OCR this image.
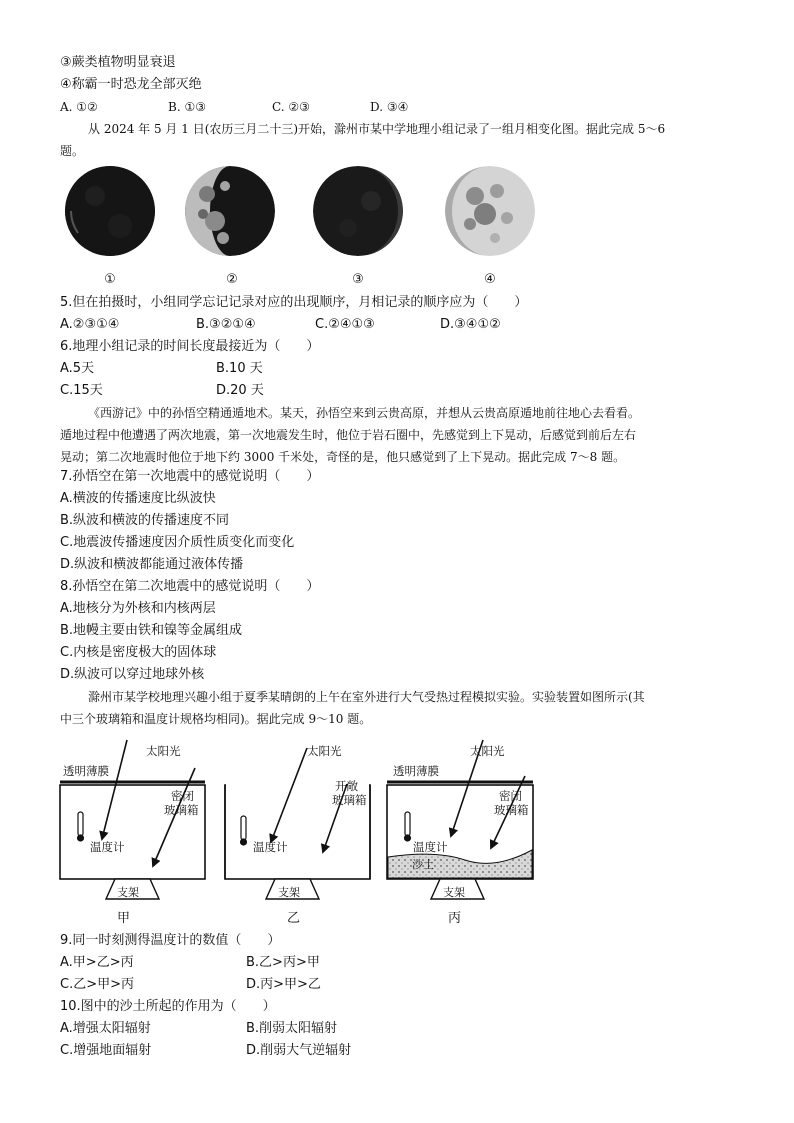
③蕨类植物明显衰退
④称霸一时恐龙全部灭绝
A. ①②	B. ①③	C. ②③	D. ③④
从 2024 年 5 月 1 日(农历三月二十三)开始，滁州市某中学地理小组记录了一组月相变化图。据此完成 5～6
题。
①	②	③	④
5.但在拍摄时，小组同学忘记记录对应的出现顺序，月相记录的顺序应为（　　）
A.②③①④	B.③②①④	C.②④①③	D.③④①②
6.地理小组记录的时间长度最接近为（　　）
A.5天	B.10 天
C.15天	D.20 天
《西游记》中的孙悟空精通遁地术。某天，孙悟空来到云贵高原，并想从云贵高原遁地前往地心去看看。
遁地过程中他遭遇了两次地震，第一次地震发生时，他位于岩石圈中，先感觉到上下晃动，后感觉到前后左右
晃动；第二次地震时他位于地下约 3000 千米处，奇怪的是，他只感觉到了上下晃动。据此完成 7～8 题。
7.孙悟空在第一次地震中的感觉说明（　　）
A.横波的传播速度比纵波快
B.纵波和横波的传播速度不同
C.地震波传播速度因介质性质变化而变化
D.纵波和横波都能通过液体传播
8.孙悟空在第二次地震中的感觉说明（　　）
A.地核分为外核和内核两层
B.地幔主要由铁和镍等金属组成
C.内核是密度极大的固体球
D.纵波可以穿过地球外核
滁州市某学校地理兴趣小组于夏季某晴朗的上午在室外进行大气受热过程模拟实验。实验装置如图所示(其
中三个玻璃箱和温度计规格均相同)。据此完成 9～10 题。
透明薄膜
太阳光
密闭
玻璃箱
温度计
支架
甲
太阳光
开敞
玻璃箱
温度计
支架
乙
透明薄膜
太阳光
密闭
玻璃箱
温度计
沙土
支架
丙
9.同一时刻测得温度计的数值（　　）
A.甲>乙>丙	B.乙>丙>甲
C.乙>甲>丙	D.丙>甲>乙
10.图中的沙土所起的作用为（　　）
A.增强太阳辐射	B.削弱太阳辐射
C.增强地面辐射	D.削弱大气逆辐射
